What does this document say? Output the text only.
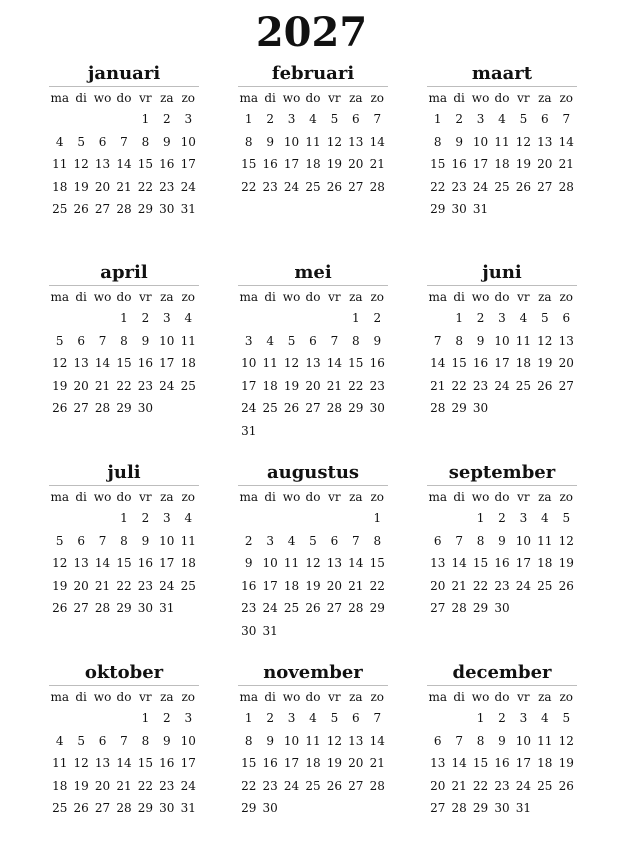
2027
januari
ma	di	wo	do	vr	za	zo
				1	2	3
4	5	6	7	8	9	10
11	12	13	14	15	16	17
18	19	20	21	22	23	24
25	26	27	28	29	30	31
februari
ma	di	wo	do	vr	za	zo
1	2	3	4	5	6	7
8	9	10	11	12	13	14
15	16	17	18	19	20	21
22	23	24	25	26	27	28
maart
ma	di	wo	do	vr	za	zo
1	2	3	4	5	6	7
8	9	10	11	12	13	14
15	16	17	18	19	20	21
22	23	24	25	26	27	28
29	30	31				
april
ma	di	wo	do	vr	za	zo
			1	2	3	4
5	6	7	8	9	10	11
12	13	14	15	16	17	18
19	20	21	22	23	24	25
26	27	28	29	30		
mei
ma	di	wo	do	vr	za	zo
					1	2
3	4	5	6	7	8	9
10	11	12	13	14	15	16
17	18	19	20	21	22	23
24	25	26	27	28	29	30
31						
juni
ma	di	wo	do	vr	za	zo
	1	2	3	4	5	6
7	8	9	10	11	12	13
14	15	16	17	18	19	20
21	22	23	24	25	26	27
28	29	30				
juli
ma	di	wo	do	vr	za	zo
			1	2	3	4
5	6	7	8	9	10	11
12	13	14	15	16	17	18
19	20	21	22	23	24	25
26	27	28	29	30	31	
augustus
ma	di	wo	do	vr	za	zo
						1
2	3	4	5	6	7	8
9	10	11	12	13	14	15
16	17	18	19	20	21	22
23	24	25	26	27	28	29
30	31					
september
ma	di	wo	do	vr	za	zo
		1	2	3	4	5
6	7	8	9	10	11	12
13	14	15	16	17	18	19
20	21	22	23	24	25	26
27	28	29	30			
oktober
ma	di	wo	do	vr	za	zo
				1	2	3
4	5	6	7	8	9	10
11	12	13	14	15	16	17
18	19	20	21	22	23	24
25	26	27	28	29	30	31
november
ma	di	wo	do	vr	za	zo
1	2	3	4	5	6	7
8	9	10	11	12	13	14
15	16	17	18	19	20	21
22	23	24	25	26	27	28
29	30					
december
ma	di	wo	do	vr	za	zo
		1	2	3	4	5
6	7	8	9	10	11	12
13	14	15	16	17	18	19
20	21	22	23	24	25	26
27	28	29	30	31		
